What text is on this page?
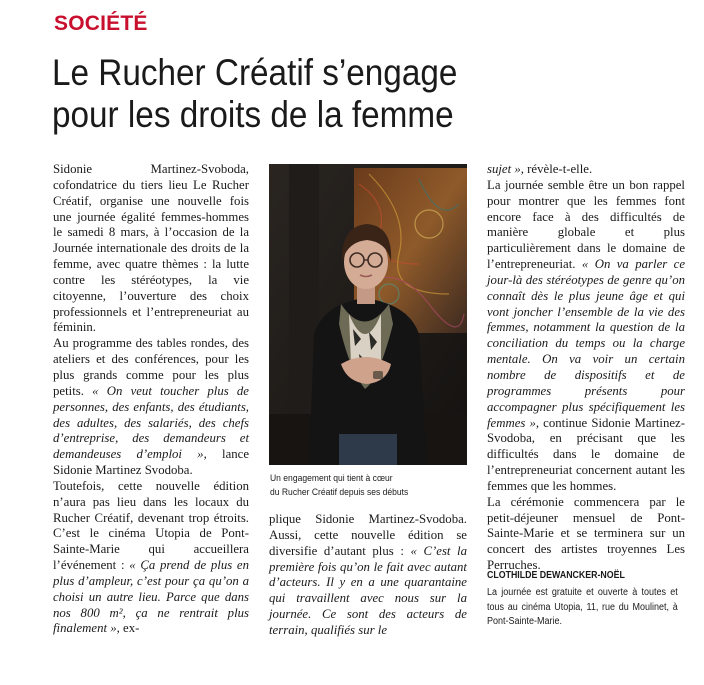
SOCIÉTÉ
Le Rucher Créatif s’engage
pour les droits de la femme

Sidonie Martinez-Svoboda, cofondatrice du tiers lieu Le Rucher Créatif, organise une nouvelle fois une journée égalité femmes-hommes le samedi 8 mars, à l’occasion de la Journée internationale des droits de la femme, avec quatre thèmes : la lutte contre les stéréotypes, la vie citoyenne, l’ouverture des choix professionnels et l’entrepreneuriat au féminin.

Au programme des tables rondes, des ateliers et des conférences, pour les plus grands comme pour les plus petits. « On veut toucher plus de personnes, des enfants, des étudiants, des adultes, des salariés, des chefs d’entreprise, des demandeurs et demandeuses d’emploi », lance Sidonie Martinez Svodoba.

Toutefois, cette nouvelle édition n’aura pas lieu dans les locaux du Rucher Créatif, devenant trop étroits. C’est le cinéma Utopia de Pont-Sainte-Marie qui accueillera l’événement : « Ça prend de plus en plus d’ampleur, c’est pour ça qu’on a choisi un autre lieu. Parce que dans nos 800 m², ça ne rentrait plus finalement », ex-

Un engagement qui tient à cœur
du Rucher Créatif depuis ses débuts

plique Sidonie Martinez-Svodoba. Aussi, cette nouvelle édition se diversifie d’autant plus : « C’est la première fois qu’on le fait avec autant d’acteurs. Il y en a une quarantaine qui travaillent avec nous sur la journée. Ce sont des acteurs de terrain, qualifiés sur le

sujet », révèle-t-elle.

La journée semble être un bon rappel pour montrer que les femmes font encore face à des difficultés de manière globale et plus particulièrement dans le domaine de l’entrepreneuriat. « On va parler ce jour-là des stéréotypes de genre qu’on connaît dès le plus jeune âge et qui vont joncher l’ensemble de la vie des femmes, notamment la question de la conciliation du temps ou la charge mentale. On va voir un certain nombre de dispositifs et de programmes présents pour accompagner plus spécifiquement les femmes », continue Sidonie Martinez-Svodoba, en précisant que les difficultés dans le domaine de l’entrepreneuriat concernent autant les femmes que les hommes.

La cérémonie commencera par le petit-déjeuner mensuel de Pont-Sainte-Marie et se terminera sur un concert des artistes troyennes Les Perruches.

CLOTHILDE DEWANCKER-NOËL
La journée est gratuite et ouverte à toutes et tous au cinéma Utopia, 11, rue du Moulinet, à Pont-Sainte-Marie.
